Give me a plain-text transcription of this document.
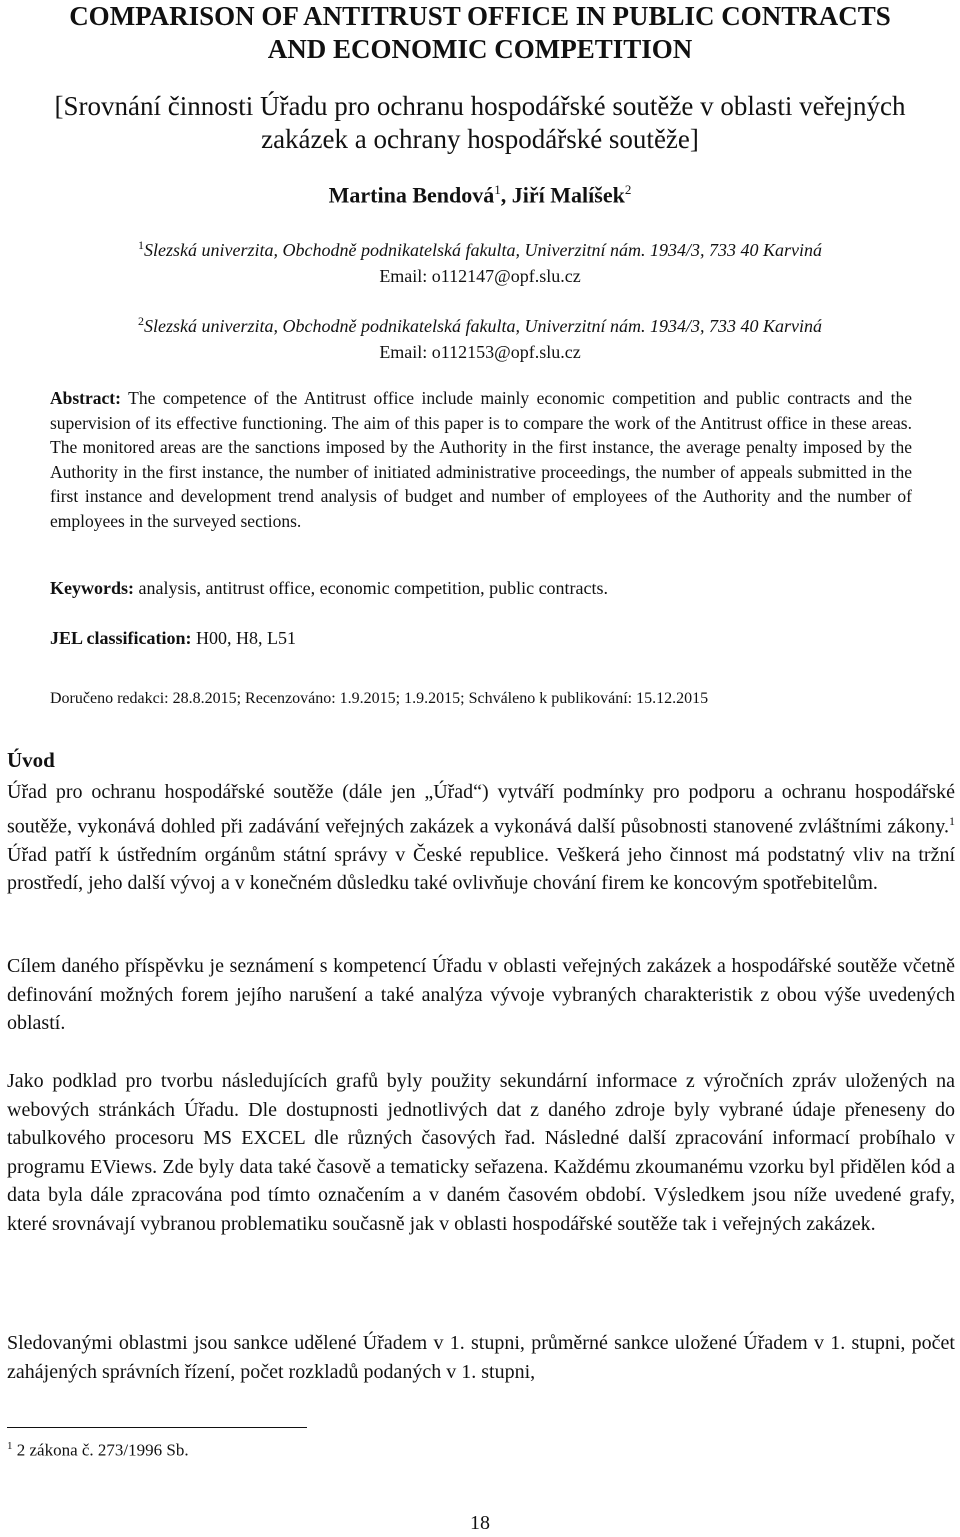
COMPARISON OF ANTITRUST OFFICE IN PUBLIC CONTRACTS
AND ECONOMIC COMPETITION
[Srovnání činnosti Úřadu pro ochranu hospodářské soutěže v oblasti veřejných
zakázek a ochrany hospodářské soutěže]
Martina Bendová$^1$, Jiří Malíšek$^2$
$^1$Slezská univerzita, Obchodně podnikatelská fakulta, Univerzitní nám. 1934/3, 733 40 Karviná
Email: o112147@opf.slu.cz
$^2$Slezská univerzita, Obchodně podnikatelská fakulta, Univerzitní nám. 1934/3, 733 40 Karviná
Email: o112153@opf.slu.cz
Abstract: The competence of the Antitrust office include mainly economic competition and public contracts and the supervision of its effective functioning. The aim of this paper is to compare the work of the Antitrust office in these areas. The monitored areas are the sanctions imposed by the Authority in the first instance, the average penalty imposed by the Authority in the first instance, the number of initiated administrative proceedings, the number of appeals submitted in the first instance and development trend analysis of budget and number of employees of the Authority and the number of employees in the surveyed sections.
Keywords: analysis, antitrust office, economic competition, public contracts.
JEL classification: H00, H8, L51
Doručeno redakci: 28.8.2015; Recenzováno: 1.9.2015; 1.9.2015; Schváleno k publikování: 15.12.2015
Úvod
Úřad pro ochranu hospodářské soutěže (dále jen „Úřad“) vytváří podmínky pro podporu a ochranu hospodářské soutěže, vykonává dohled při zadávání veřejných zakázek a vykonává další působnosti stanovené zvláštními zákony.$^1$ Úřad patří k ústředním orgánům státní správy v České republice. Veškerá jeho činnost má podstatný vliv na tržní prostředí, jeho další vývoj a v konečném důsledku také ovlivňuje chování firem ke koncovým spotřebitelům.
Cílem daného příspěvku je seznámení s kompetencí Úřadu v oblasti veřejných zakázek a hospodářské soutěže včetně definování možných forem jejího narušení a také analýza vývoje vybraných charakteristik z obou výše uvedených oblastí.
Jako podklad pro tvorbu následujících grafů byly použity sekundární informace z výročních zpráv uložených na webových stránkách Úřadu. Dle dostupnosti jednotlivých dat z daného zdroje byly vybrané údaje přeneseny do tabulkového procesoru MS EXCEL dle různých časových řad. Následné další zpracování informací probíhalo v programu EViews. Zde byly data také časově a tematicky seřazena. Každému zkoumanému vzorku byl přidělen kód a data byla dále zpracována pod tímto označením a v daném časovém období. Výsledkem jsou níže uvedené grafy, které srovnávají vybranou problematiku současně jak v oblasti hospodářské soutěže tak i veřejných zakázek.
Sledovanými oblastmi jsou sankce udělené Úřadem v 1. stupni, průměrné sankce uložené Úřadem v 1. stupni, počet zahájených správních řízení, počet rozkladů podaných v 1. stupni,
$^1$ 2 zákona č. 273/1996 Sb.
18
